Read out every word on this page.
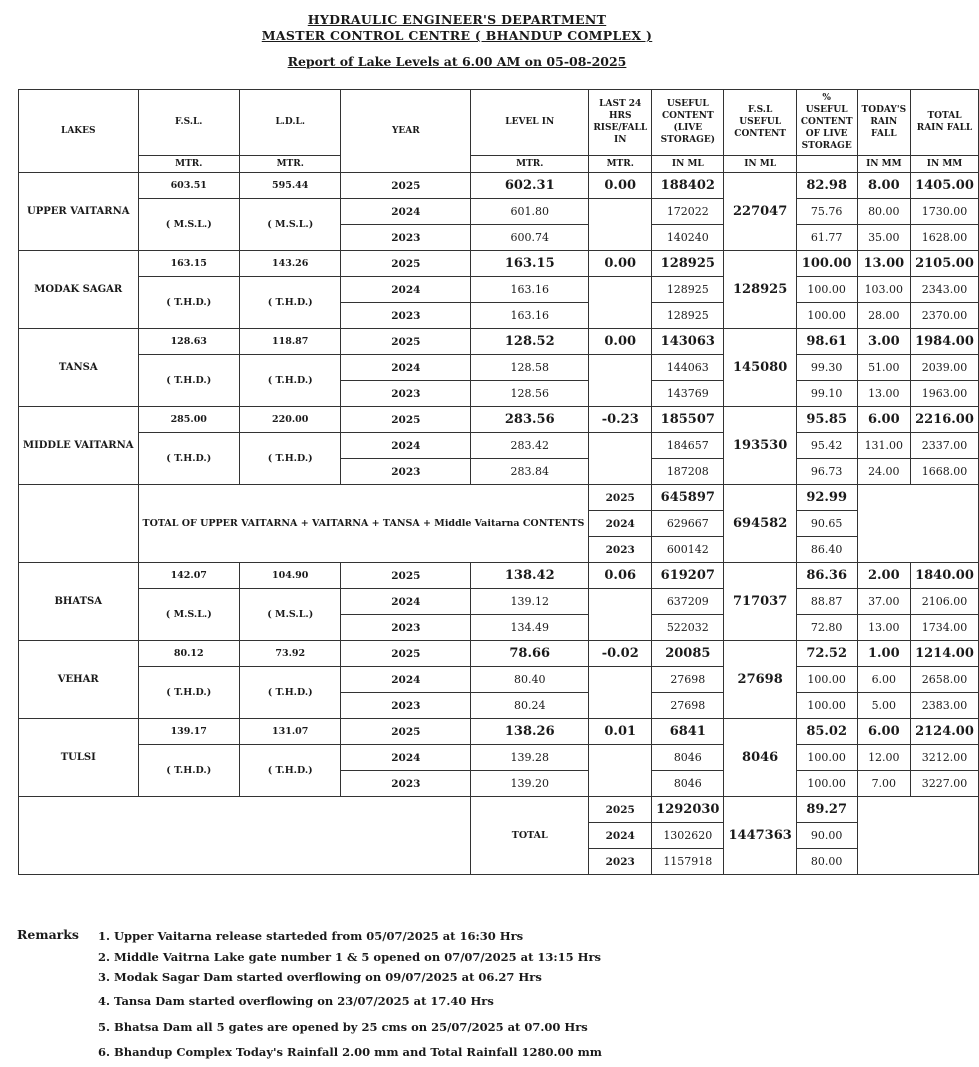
HYDRAULIC ENGINEER'S DEPARTMENT
MASTER CONTROL CENTRE ( BHANDUP COMPLEX )
Report of Lake Levels at 6.00 AM on 05-08-2025
LAKES	F.S.L.	L.D.L.	YEAR	LEVEL IN	LAST 24 HRS RISE/FALL IN	USEFUL CONTENT (LIVE STORAGE)	F.S.L USEFUL CONTENT	% USEFUL CONTENT OF LIVE STORAGE	TODAY'S RAIN FALL	TOTAL RAIN FALL
	MTR.	MTR.		MTR.	MTR.	IN ML	IN ML		IN MM	IN MM
UPPER VAITARNA	603.51	595.44	2025	602.31	0.00	188402	227047	82.98	8.00	1405.00
	( M.S.L.)	( M.S.L.)	2024	601.80		172022		75.76	80.00	1730.00
			2023	600.74		140240		61.77	35.00	1628.00
MODAK SAGAR	163.15	143.26	2025	163.15	0.00	128925	128925	100.00	13.00	2105.00
	( T.H.D.)	( T.H.D.)	2024	163.16		128925		100.00	103.00	2343.00
			2023	163.16		128925		100.00	28.00	2370.00
TANSA	128.63	118.87	2025	128.52	0.00	143063	145080	98.61	3.00	1984.00
	( T.H.D.)	( T.H.D.)	2024	128.58		144063		99.30	51.00	2039.00
			2023	128.56		143769		99.10	13.00	1963.00
MIDDLE VAITARNA	285.00	220.00	2025	283.56	-0.23	185507	193530	95.85	6.00	2216.00
	( T.H.D.)	( T.H.D.)	2024	283.42		184657		95.42	131.00	2337.00
			2023	283.84		187208		96.73	24.00	1668.00
	TOTAL OF UPPER VAITARNA + VAITARNA + TANSA + Middle Vaitarna CONTENTS				2025	645897	694582	92.99		
					2024	629667		90.65		
					2023	600142		86.40		
BHATSA	142.07	104.90	2025	138.42	0.06	619207	717037	86.36	2.00	1840.00
	( M.S.L.)	( M.S.L.)	2024	139.12		637209		88.87	37.00	2106.00
			2023	134.49		522032		72.80	13.00	1734.00
VEHAR	80.12	73.92	2025	78.66	-0.02	20085	27698	72.52	1.00	1214.00
	( T.H.D.)	( T.H.D.)	2024	80.40		27698		100.00	6.00	2658.00
			2023	80.24		27698		100.00	5.00	2383.00
TULSI	139.17	131.07	2025	138.26	0.01	6841	8046	85.02	6.00	2124.00
	( T.H.D.)	( T.H.D.)	2024	139.28		8046		100.00	12.00	3212.00
			2023	139.20		8046		100.00	7.00	3227.00
				TOTAL	2025	1292030	1447363	89.27		
					2024	1302620		90.00		
					2023	1157918		80.00		
Remarks 1. Upper Vaitarna release starteded from 05/07/2025 at 16:30 Hrs
2. Middle Vaitrna Lake gate number 1 & 5 opened on 07/07/2025 at 13:15 Hrs
3. Modak Sagar Dam started overflowing on 09/07/2025 at 06.27 Hrs
4. Tansa Dam started overflowing on 23/07/2025 at 17.40 Hrs
5. Bhatsa Dam all 5 gates are opened by 25 cms on 25/07/2025 at 07.00 Hrs
6. Bhandup Complex Today's Rainfall 2.00 mm and Total Rainfall 1280.00 mm
